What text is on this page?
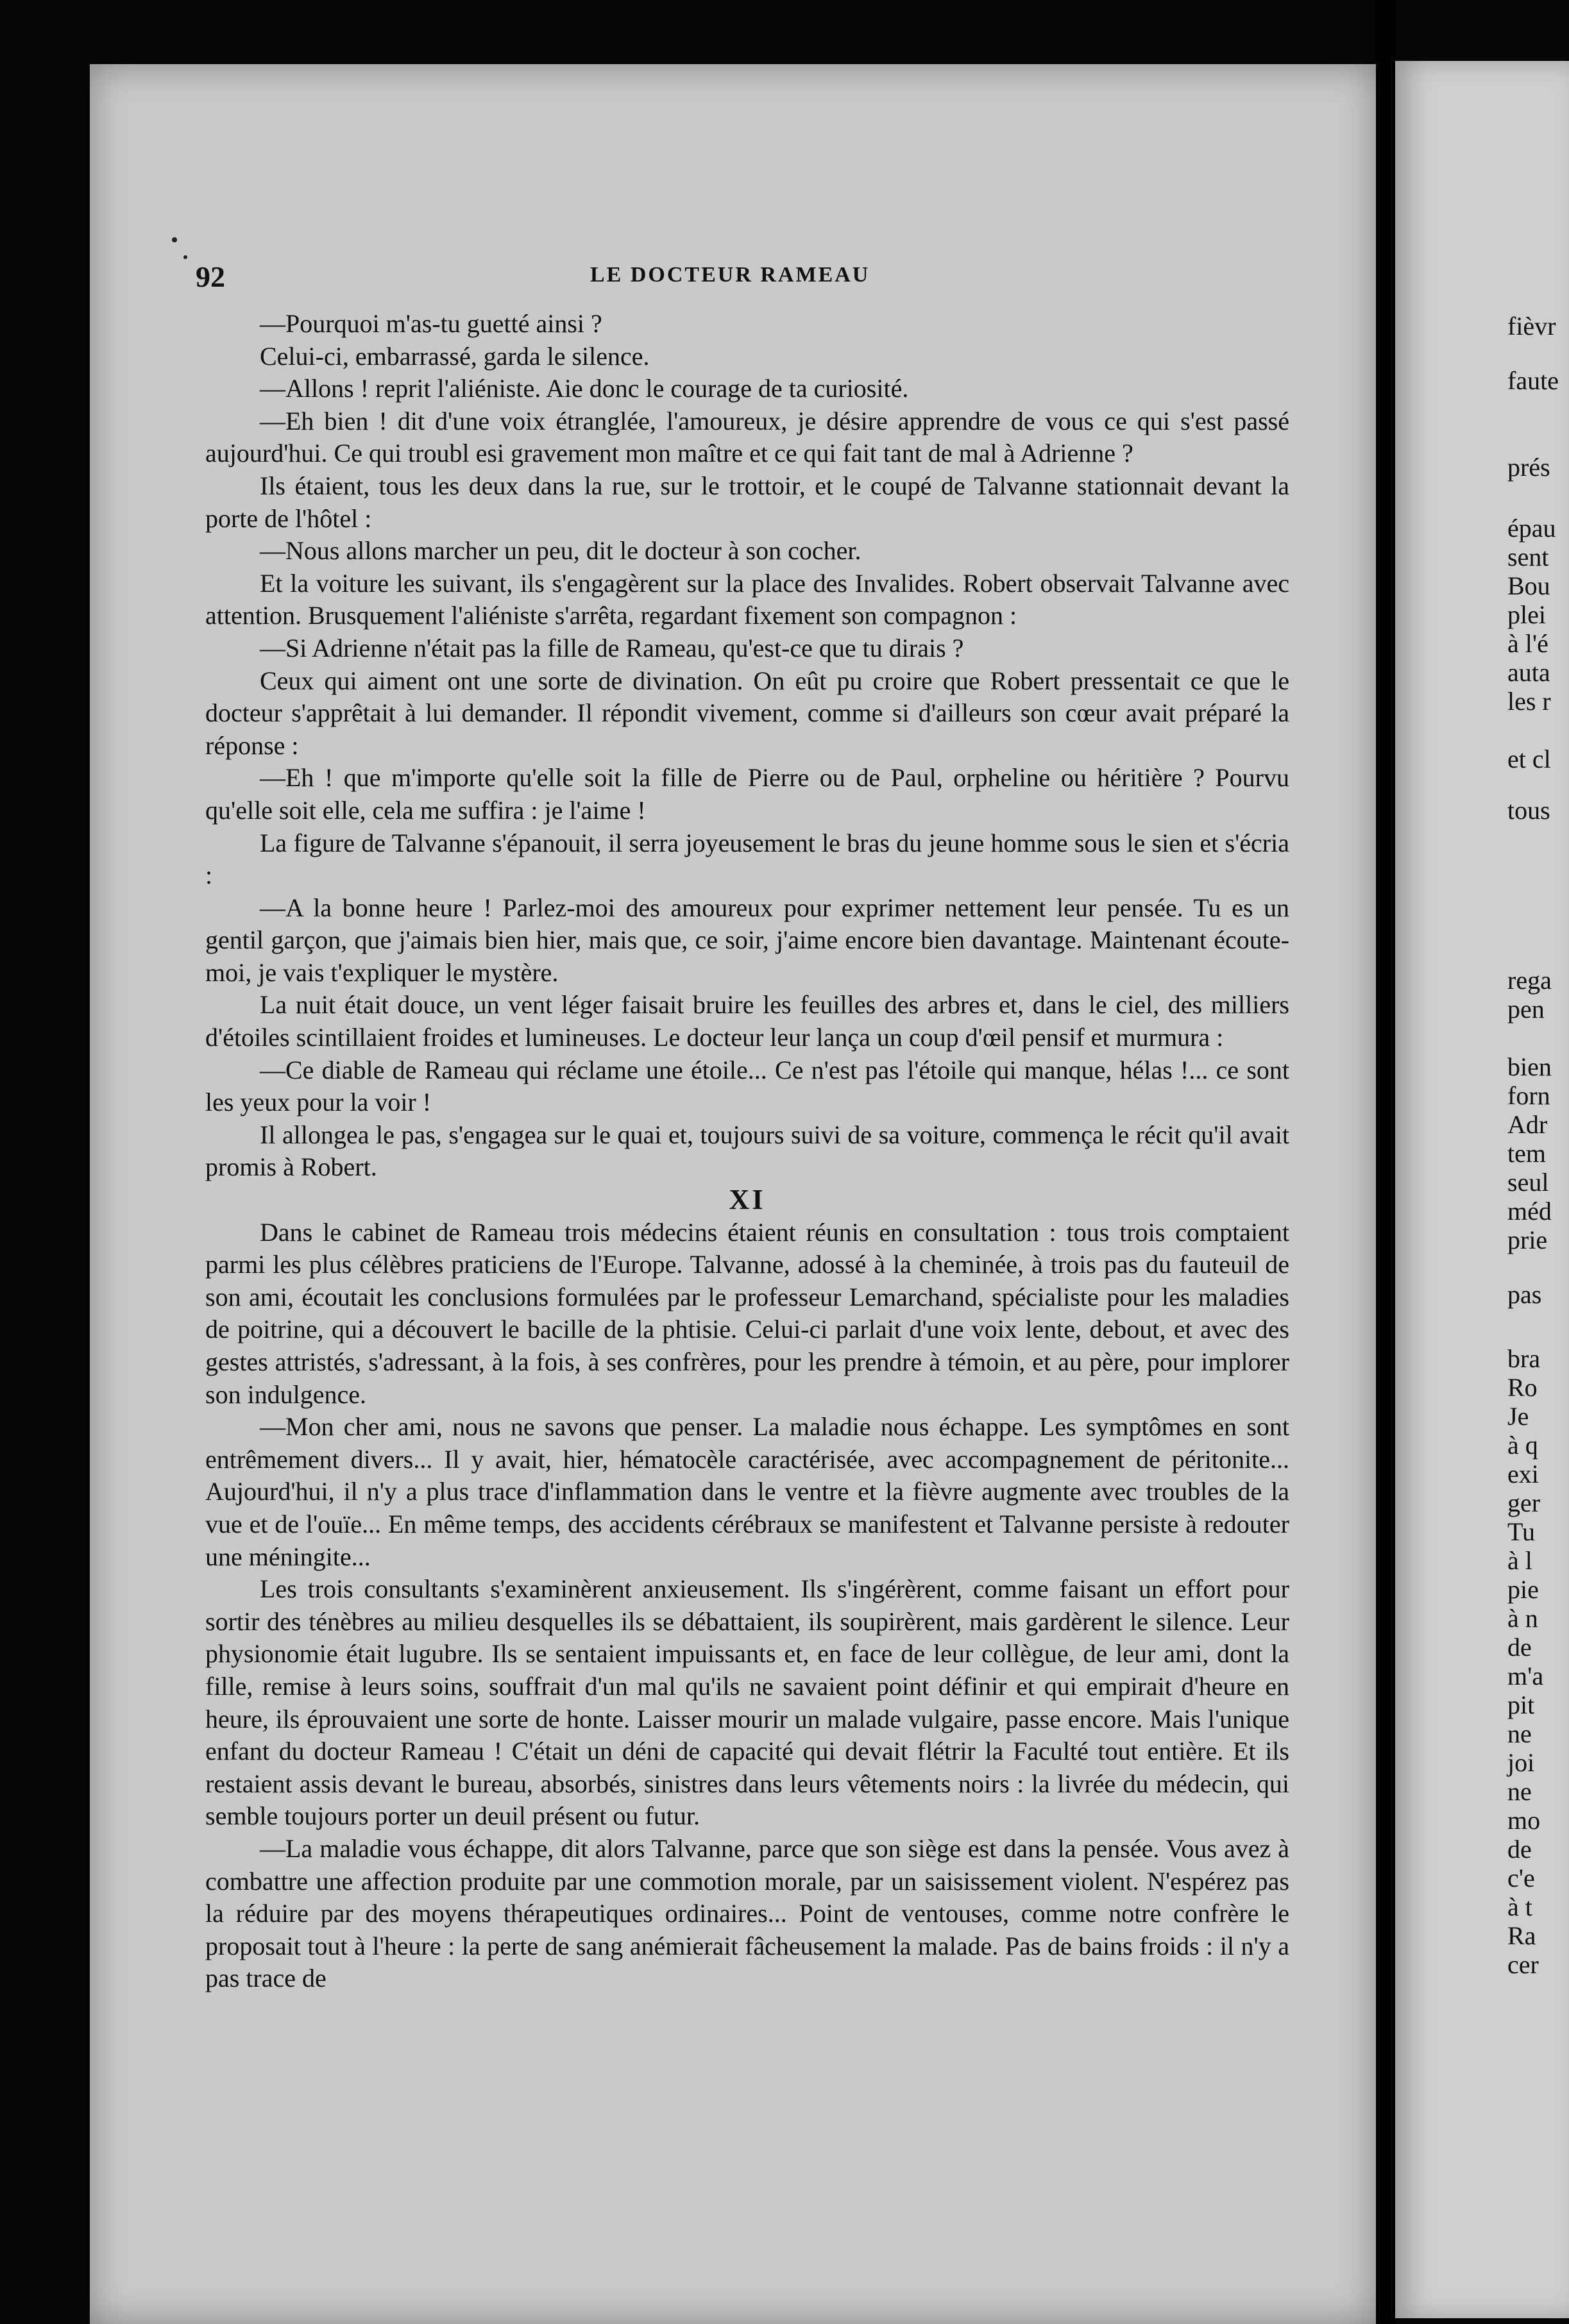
92	LE DOCTEUR RAMEAU

—Pourquoi m'as-tu guetté ainsi ?

Celui-ci, embarrassé, garda le silence.

—Allons ! reprit l'aliéniste. Aie donc le courage de ta curiosité.

—Eh bien ! dit d'une voix étranglée, l'amoureux, je désire apprendre de vous ce qui s'est passé aujourd'hui. Ce qui troubl esi gravement mon maître et ce qui fait tant de mal à Adrienne ?

Ils étaient, tous les deux dans la rue, sur le trottoir, et le coupé de Talvanne stationnait devant la porte de l'hôtel :

—Nous allons marcher un peu, dit le docteur à son cocher.

Et la voiture les suivant, ils s'engagèrent sur la place des Invalides. Robert observait Talvanne avec attention. Brusquement l'aliéniste s'arrêta, regardant fixement son compagnon :

—Si Adrienne n'était pas la fille de Rameau, qu'est-ce que tu dirais ?

Ceux qui aiment ont une sorte de divination. On eût pu croire que Robert pressentait ce que le docteur s'apprêtait à lui demander. Il répondit vivement, comme si d'ailleurs son cœur avait préparé la réponse :

—Eh ! que m'importe qu'elle soit la fille de Pierre ou de Paul, orpheline ou héritière ? Pourvu qu'elle soit elle, cela me suffira : je l'aime !

La figure de Talvanne s'épanouit, il serra joyeusement le bras du jeune homme sous le sien et s'écria :

—A la bonne heure ! Parlez-moi des amoureux pour exprimer nettement leur pensée. Tu es un gentil garçon, que j'aimais bien hier, mais que, ce soir, j'aime encore bien davantage. Maintenant écoute-moi, je vais t'expliquer le mystère.

La nuit était douce, un vent léger faisait bruire les feuilles des arbres et, dans le ciel, des milliers d'étoiles scintillaient froides et lumineuses. Le docteur leur lança un coup d'œil pensif et murmura :

—Ce diable de Rameau qui réclame une étoile... Ce n'est pas l'étoile qui manque, hélas !... ce sont les yeux pour la voir !

Il allongea le pas, s'engagea sur le quai et, toujours suivi de sa voiture, commença le récit qu'il avait promis à Robert.

XI

Dans le cabinet de Rameau trois médecins étaient réunis en consultation : tous trois comptaient parmi les plus célèbres praticiens de l'Europe. Talvanne, adossé à la cheminée, à trois pas du fauteuil de son ami, écoutait les conclusions formulées par le professeur Lemarchand, spécialiste pour les maladies de poitrine, qui a découvert le bacille de la phtisie. Celui-ci parlait d'une voix lente, debout, et avec des gestes attristés, s'adressant, à la fois, à ses confrères, pour les prendre à témoin, et au père, pour implorer son indulgence.

—Mon cher ami, nous ne savons que penser. La maladie nous échappe. Les symptômes en sont entrêmement divers... Il y avait, hier, hématocèle caractérisée, avec accompagnement de péritonite... Aujourd'hui, il n'y a plus trace d'inflammation dans le ventre et la fièvre augmente avec troubles de la vue et de l'ouïe... En même temps, des accidents cérébraux se manifestent et Talvanne persiste à redouter une méningite...

Les trois consultants s'examinèrent anxieusement. Ils s'ingérèrent, comme faisant un effort pour sortir des ténèbres au milieu desquelles ils se débattaient, ils soupirèrent, mais gardèrent le silence. Leur physionomie était lugubre. Ils se sentaient impuissants et, en face de leur collègue, de leur ami, dont la fille, remise à leurs soins, souffrait d'un mal qu'ils ne savaient point définir et qui empirait d'heure en heure, ils éprouvaient une sorte de honte. Laisser mourir un malade vulgaire, passe encore. Mais l'unique enfant du docteur Rameau ! C'était un déni de capacité qui devait flétrir la Faculté tout entière. Et ils restaient assis devant le bureau, absorbés, sinistres dans leurs vêtements noirs : la livrée du médecin, qui semble toujours porter un deuil présent ou futur.

—La maladie vous échappe, dit alors Talvanne, parce que son siège est dans la pensée. Vous avez à combattre une affection produite par une commotion morale, par un saisissement violent. N'espérez pas la réduire par des moyens thérapeutiques ordinaires... Point de ventouses, comme notre confrère le proposait tout à l'heure : la perte de sang anémierait fâcheusement la malade. Pas de bains froids : il n'y a pas trace de

fièvr
faute
prés
épau
sent
Bou
plei
à l'é
auta
les r
et cl
tous
rega
pen
bien
forn
Adr
tem
seul
méd
prie
pas
bra
Ro
Je
à q
exi
ger
Tu
à l
pie
à n
de
m'a
pit
ne
joi
ne
mo
de
c'e
à t
Ra
cer
